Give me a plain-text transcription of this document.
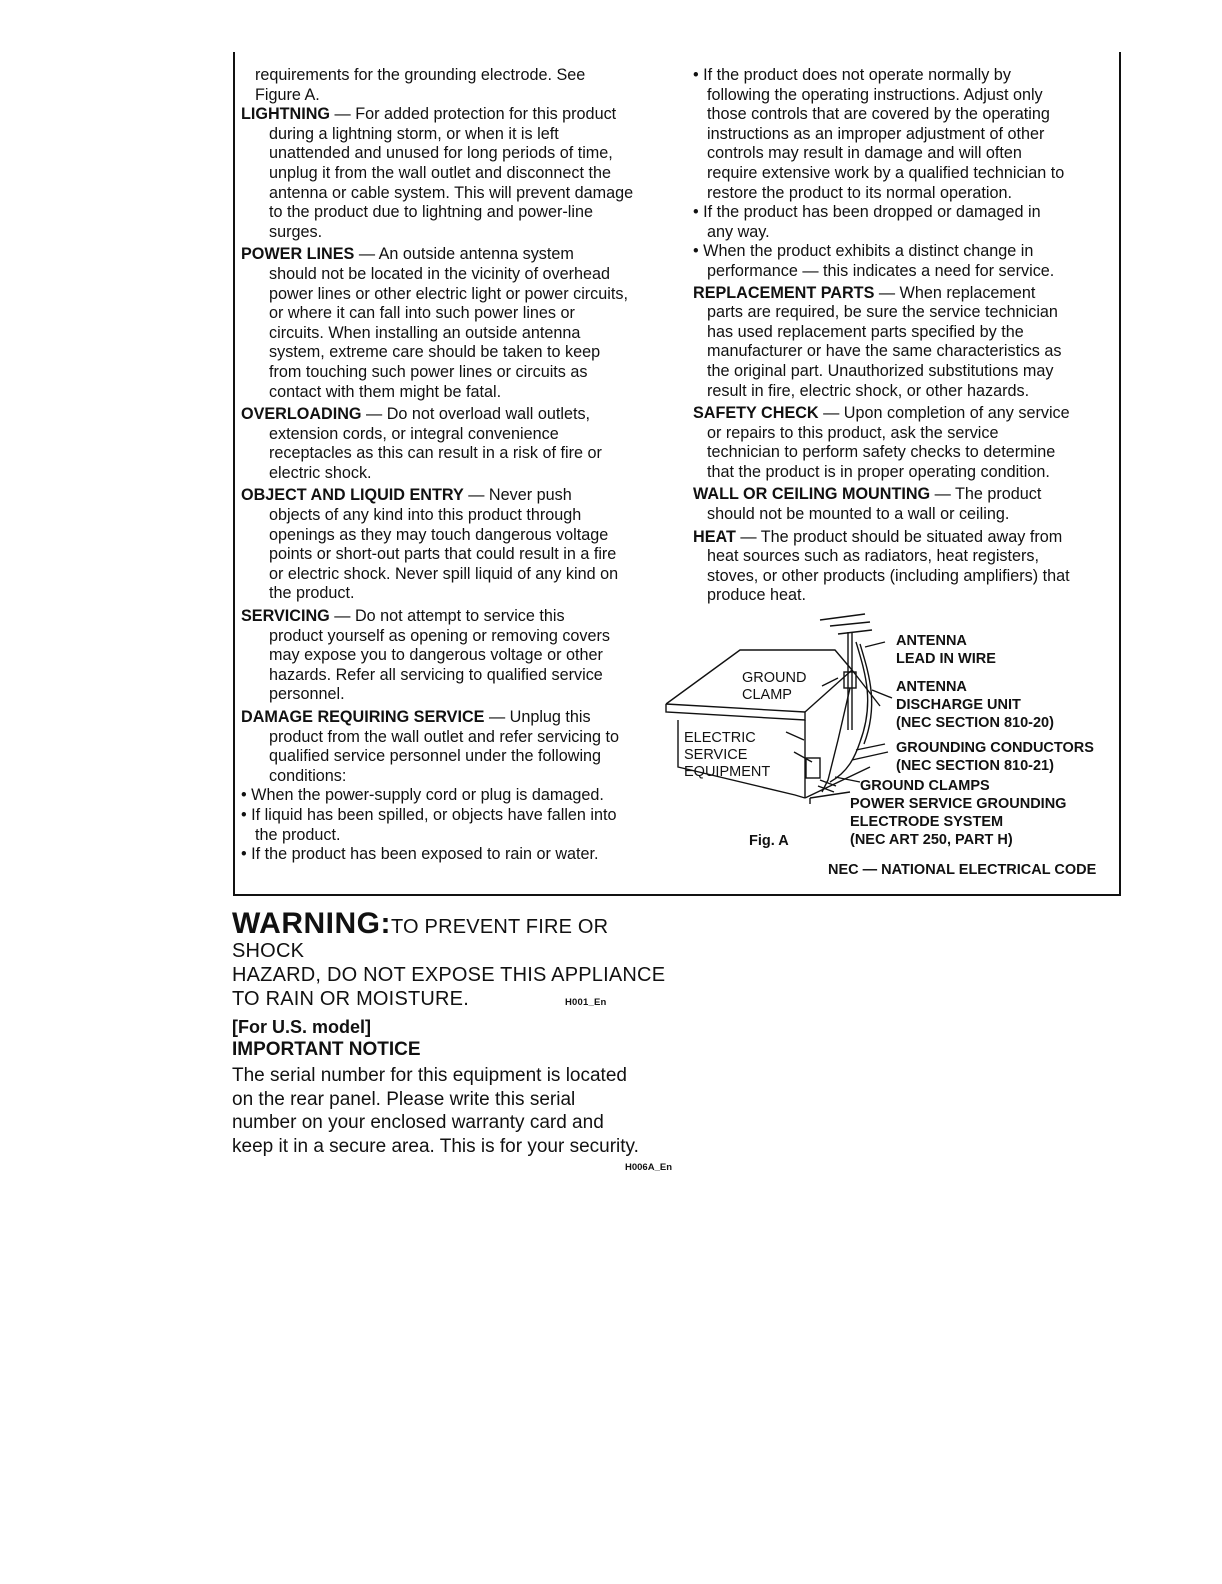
requirements for the grounding electrode. See
Figure A.
LIGHTNING — For added protection for this product
during a lightning storm, or when it is left
unattended and unused for long periods of time,
unplug it from the wall outlet and disconnect the
antenna or cable system. This will prevent damage
to the product due to lightning and power-line
surges.
POWER LINES — An outside antenna system
should not be located in the vicinity of overhead
power lines or other electric light or power circuits,
or where it can fall into such power lines or
circuits. When installing an outside antenna
system, extreme care should be taken to keep
from touching such power lines or circuits as
contact with them might be fatal.
OVERLOADING — Do not overload wall outlets,
extension cords, or integral convenience
receptacles as this can result in a risk of fire or
electric shock.
OBJECT AND LIQUID ENTRY — Never push
objects of any kind into this product through
openings as they may touch dangerous voltage
points or short-out parts that could result in a fire
or electric shock. Never spill liquid of any kind on
the product.
SERVICING — Do not attempt to service this
product yourself as opening or removing covers
may expose you to dangerous voltage or other
hazards. Refer all servicing to qualified service
personnel.
DAMAGE REQUIRING SERVICE — Unplug this
product from the wall outlet and refer servicing to
qualified service personnel under the following
conditions:
• When the power-supply cord or plug is damaged.
• If liquid has been spilled, or objects have fallen into
the product.
• If the product has been exposed to rain or water.
• If the product does not operate normally by
following the operating instructions. Adjust only
those controls that are covered by the operating
instructions as an improper adjustment of other
controls may result in damage and will often
require extensive work by a qualified technician to
restore the product to its normal operation.
• If the product has been dropped or damaged in
any way.
• When the product exhibits a distinct change in
performance — this indicates a need for service.
REPLACEMENT PARTS — When replacement
parts are required, be sure the service technician
has used replacement parts specified by the
manufacturer or have the same characteristics as
the original part. Unauthorized substitutions may
result in fire, electric shock, or other hazards.
SAFETY CHECK — Upon completion of any service
or repairs to this product, ask the service
technician to perform safety checks to determine
that the product is in proper operating condition.
WALL OR CEILING MOUNTING — The product
should not be mounted to a wall or ceiling.
HEAT — The product should be situated away from
heat sources such as radiators, heat registers,
stoves, or other products (including amplifiers) that
produce heat.
GROUND
CLAMP
ELECTRIC
SERVICE
EQUIPMENT
ANTENNA
LEAD IN WIRE
ANTENNA
DISCHARGE UNIT
(NEC SECTION 810-20)
GROUNDING CONDUCTORS
(NEC SECTION 810-21)
GROUND CLAMPS
POWER SERVICE GROUNDING
ELECTRODE SYSTEM
(NEC ART 250, PART H)
Fig. A
NEC — NATIONAL ELECTRICAL CODE
WARNING:TO PREVENT FIRE OR SHOCK
HAZARD, DO NOT EXPOSE THIS APPLIANCE
TO RAIN OR MOISTURE.	H001_En
[For U.S. model]
IMPORTANT NOTICE
The serial number for this equipment is located
on the rear panel. Please write this serial
number on your enclosed warranty card and
keep it in a secure area. This is for your security.
H006A_En
